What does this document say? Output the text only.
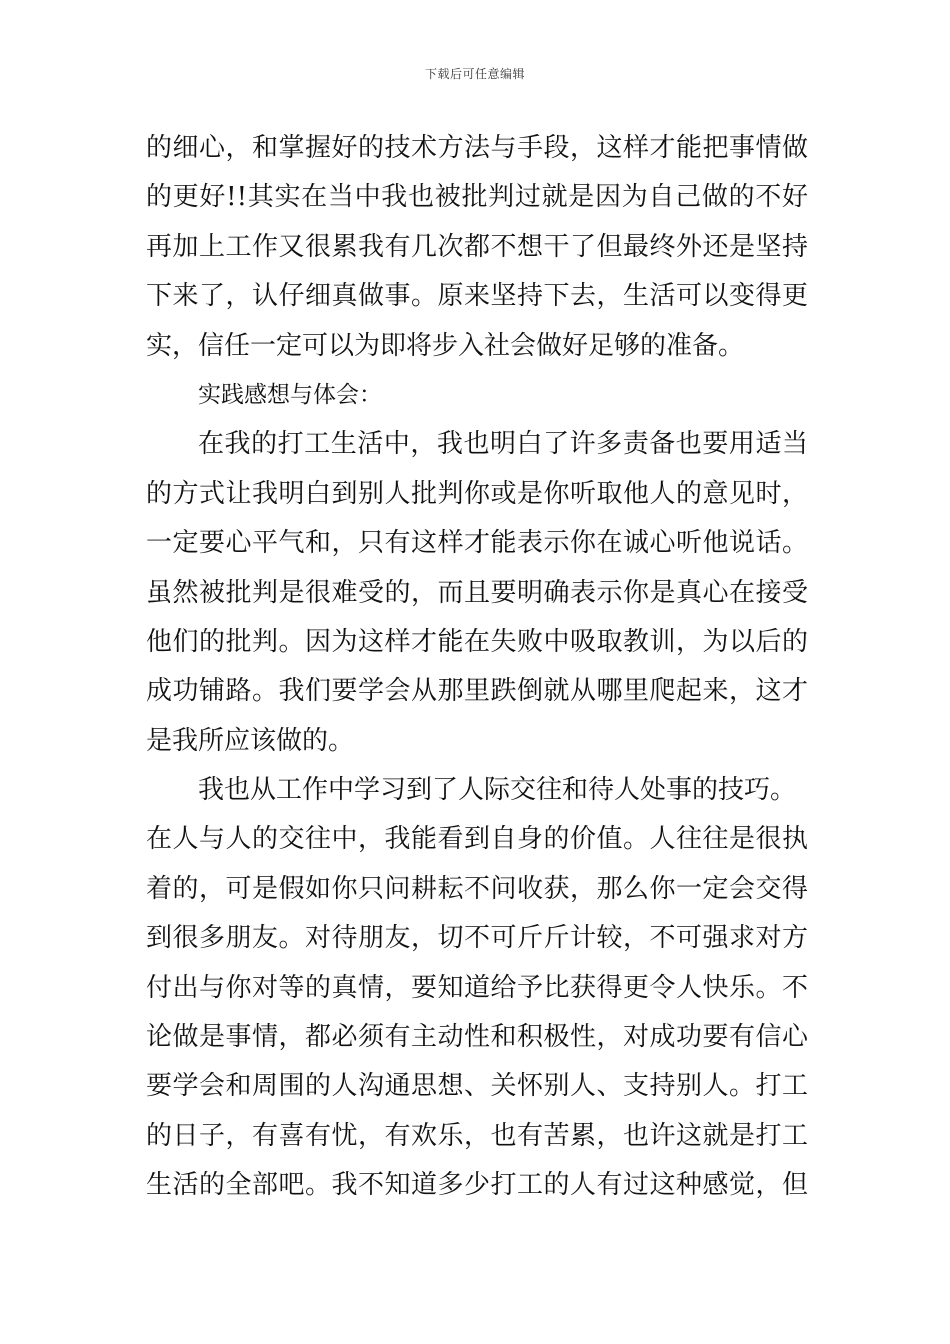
下载后可任意编辑
的细心，和掌握好的技术方法与手段，这样才能把事情做
的更好!!其实在当中我也被批判过就是因为自己做的不好
再加上工作又很累我有几次都不想干了但最终外还是坚持
下来了，认仔细真做事。原来坚持下去，生活可以变得更
实，信任一定可以为即将步入社会做好足够的准备。
实践感想与体会：
在我的打工生活中，我也明白了许多责备也要用适当
的方式让我明白到别人批判你或是你听取他人的意见时，
一定要心平气和，只有这样才能表示你在诚心听他说话。
虽然被批判是很难受的，而且要明确表示你是真心在接受
他们的批判。因为这样才能在失败中吸取教训，为以后的
成功铺路。我们要学会从那里跌倒就从哪里爬起来，这才
是我所应该做的。
我也从工作中学习到了人际交往和待人处事的技巧。
在人与人的交往中，我能看到自身的价值。人往往是很执
着的，可是假如你只问耕耘不问收获，那么你一定会交得
到很多朋友。对待朋友，切不可斤斤计较，不可强求对方
付出与你对等的真情，要知道给予比获得更令人快乐。不
论做是事情，都必须有主动性和积极性，对成功要有信心
要学会和周围的人沟通思想、关怀别人、支持别人。打工
的日子，有喜有忧，有欢乐，也有苦累，也许这就是打工
生活的全部吧。我不知道多少打工的人有过这种感觉，但
